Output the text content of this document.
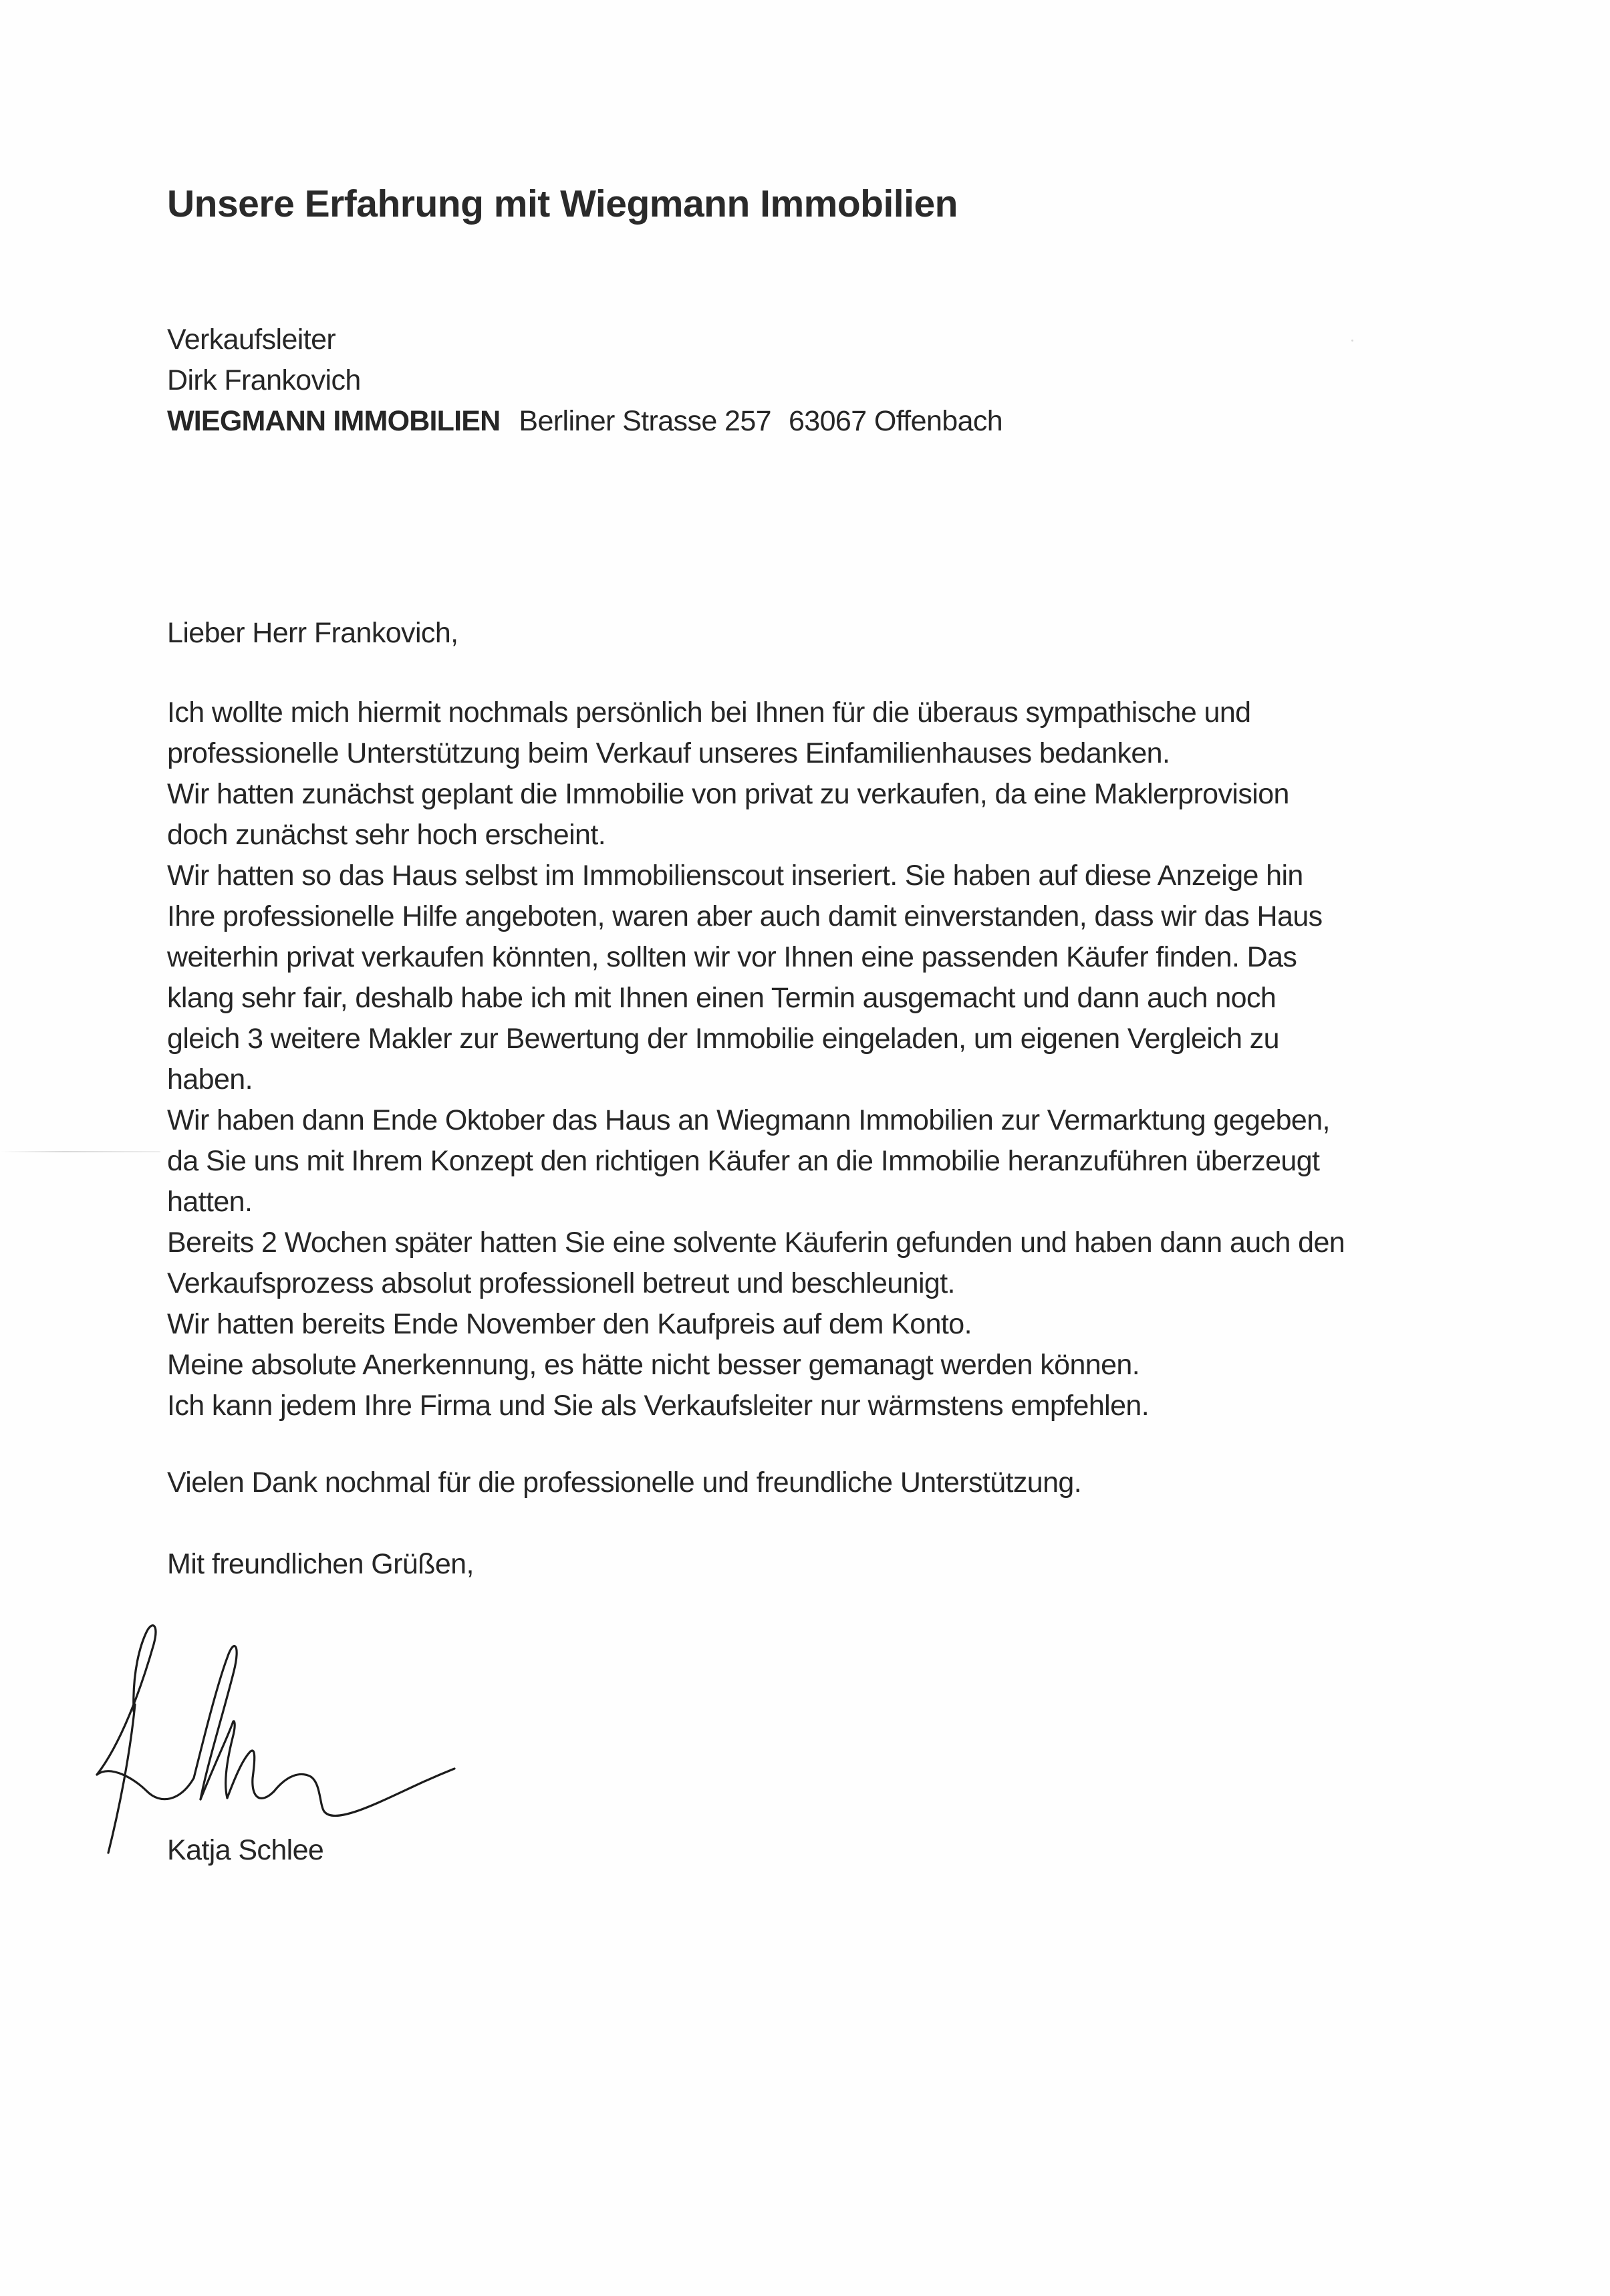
Unsere Erfahrung mit Wiegmann Immobilien
Verkaufsleiter
Dirk Frankovich
WIEGMANN IMMOBILIEN Berliner Strasse 257 63067 Offenbach
Lieber Herr Frankovich,
Ich wollte mich hiermit nochmals persönlich bei Ihnen für die überaus sympathische und
professionelle Unterstützung beim Verkauf unseres Einfamilienhauses bedanken.
Wir hatten zunächst geplant die Immobilie von privat zu verkaufen, da eine Maklerprovision
doch zunächst sehr hoch erscheint.
Wir hatten so das Haus selbst im Immobilienscout inseriert. Sie haben auf diese Anzeige hin
Ihre professionelle Hilfe angeboten, waren aber auch damit einverstanden, dass wir das Haus
weiterhin privat verkaufen könnten, sollten wir vor Ihnen eine passenden Käufer finden. Das
klang sehr fair, deshalb habe ich mit Ihnen einen Termin ausgemacht und dann auch noch
gleich 3 weitere Makler zur Bewertung der Immobilie eingeladen, um eigenen Vergleich zu
haben.
Wir haben dann Ende Oktober das Haus an Wiegmann Immobilien zur Vermarktung gegeben,
da Sie uns mit Ihrem Konzept den richtigen Käufer an die Immobilie heranzuführen überzeugt
hatten.
Bereits 2 Wochen später hatten Sie eine solvente Käuferin gefunden und haben dann auch den
Verkaufsprozess absolut professionell betreut und beschleunigt.
Wir hatten bereits Ende November den Kaufpreis auf dem Konto.
Meine absolute Anerkennung, es hätte nicht besser gemanagt werden können.
Ich kann jedem Ihre Firma und Sie als Verkaufsleiter nur wärmstens empfehlen.
Vielen Dank nochmal für die professionelle und freundliche Unterstützung.
Mit freundlichen Grüßen,
Katja Schlee
